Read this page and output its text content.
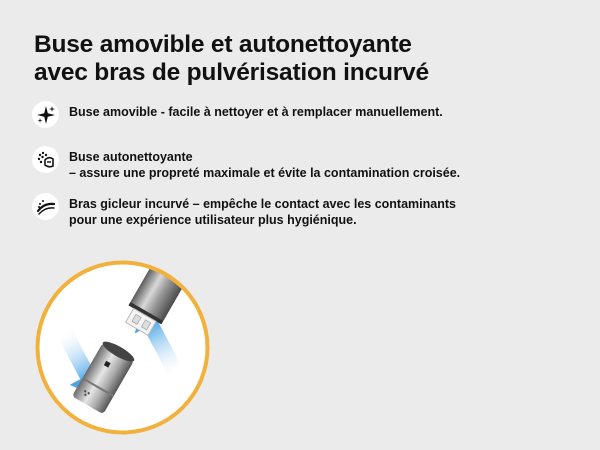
Buse amovible et autonettoyante
avec bras de pulvérisation incurvé
Buse amovible - facile à nettoyer et à remplacer manuellement.
Buse autonettoyante
– assure une propreté maximale et évite la contamination croisée.
Bras gicleur incurvé – empêche le contact avec les contaminants
pour une expérience utilisateur plus hygiénique.
